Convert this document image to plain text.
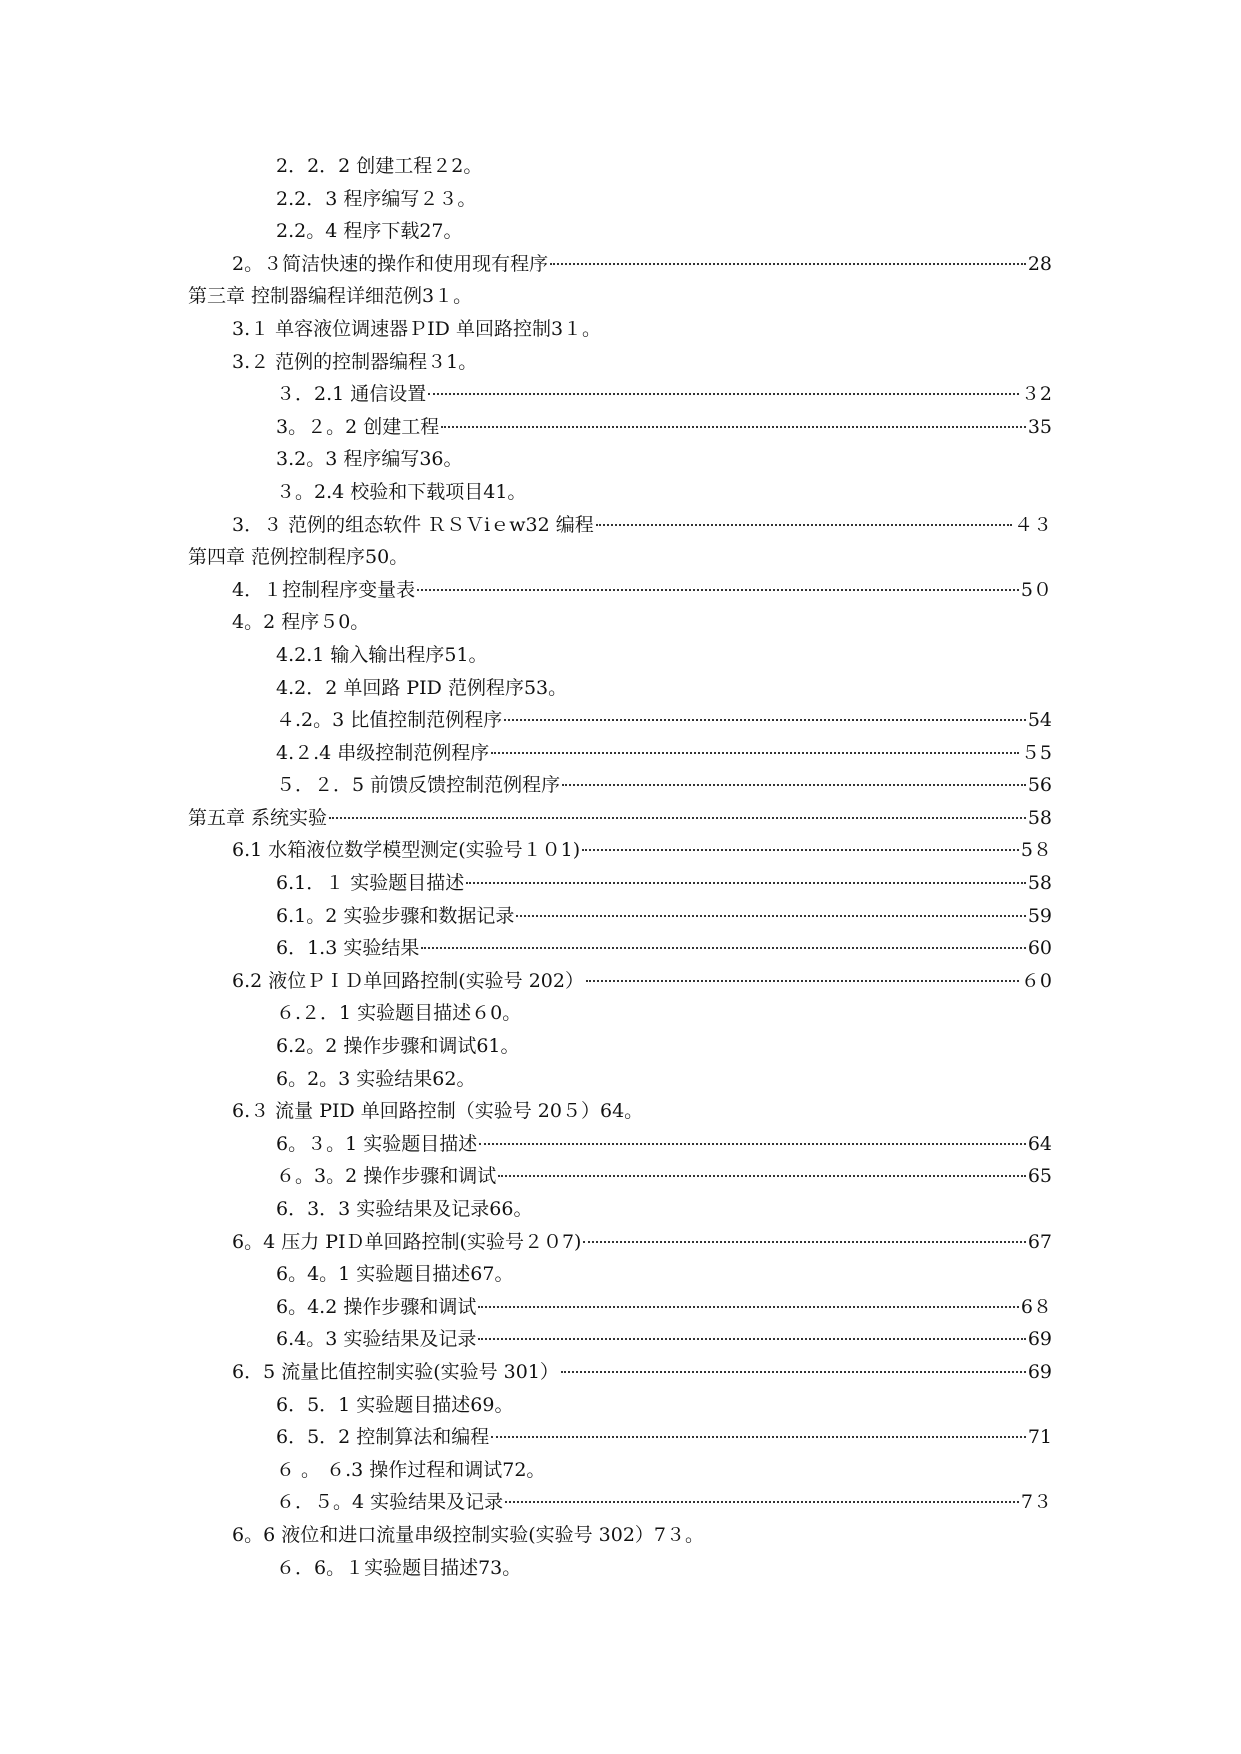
2．2．2 创建工程２2。
2.2．3 程序编写２３。
2.2。4 程序下载27。
2。３简洁快速的操作和使用现有程序	28
第三章 控制器编程详细范例3１。
3.１ 单容液位调速器ＰID 单回路控制3１。
3.２ 范例的控制器编程３1。
３．2.1 通信设置	３2
3。２。2 创建工程	35
3.2。3 程序编写36。
３。2.4 校验和下载项目41。
3．３ 范例的组态软件 ＲＳＶiｅw32 编程	４３
第四章 范例控制程序50。
4．１控制程序变量表	5０
4。2 程序５0。
4.2.1 输入输出程序51。
4.2．2 单回路 PID 范例程序53。
４.2。3 比值控制范例程序	54
4.２.4 串级控制范例程序	５5
５．２．5 前馈反馈控制范例程序	56
第五章 系统实验	58
6.1 水箱液位数学模型测定(实验号１０1)	5８
6.1．１ 实验题目描述	58
6.1。2 实验步骤和数据记录	59
6．1.3 实验结果	60
6.2 液位ＰＩＤ单回路控制(实验号 202）	６0
６.２．1 实验题目描述６0。
6.2。2 操作步骤和调试61。
6。2。3 实验结果62。
6.３ 流量 PID 单回路控制（实验号 20５）64。
6。３。1 实验题目描述	64
６。3。2 操作步骤和调试	65
6．3．3 实验结果及记录66。
6。4 压力 PIＤ单回路控制(实验号２０7)	67
6。4。1 实验题目描述67。
6。4.2 操作步骤和调试	6８
6.4。3 实验结果及记录	69
6．5 流量比值控制实验(实验号 301）	69
6．5．1 实验题目描述69。
6．5．2 控制算法和编程	71
６ 。 ６.3 操作过程和调试72。
６．５。4 实验结果及记录	7３
6。6 液位和进口流量串级控制实验(实验号 302）7３。
６．6。１实验题目描述73。
